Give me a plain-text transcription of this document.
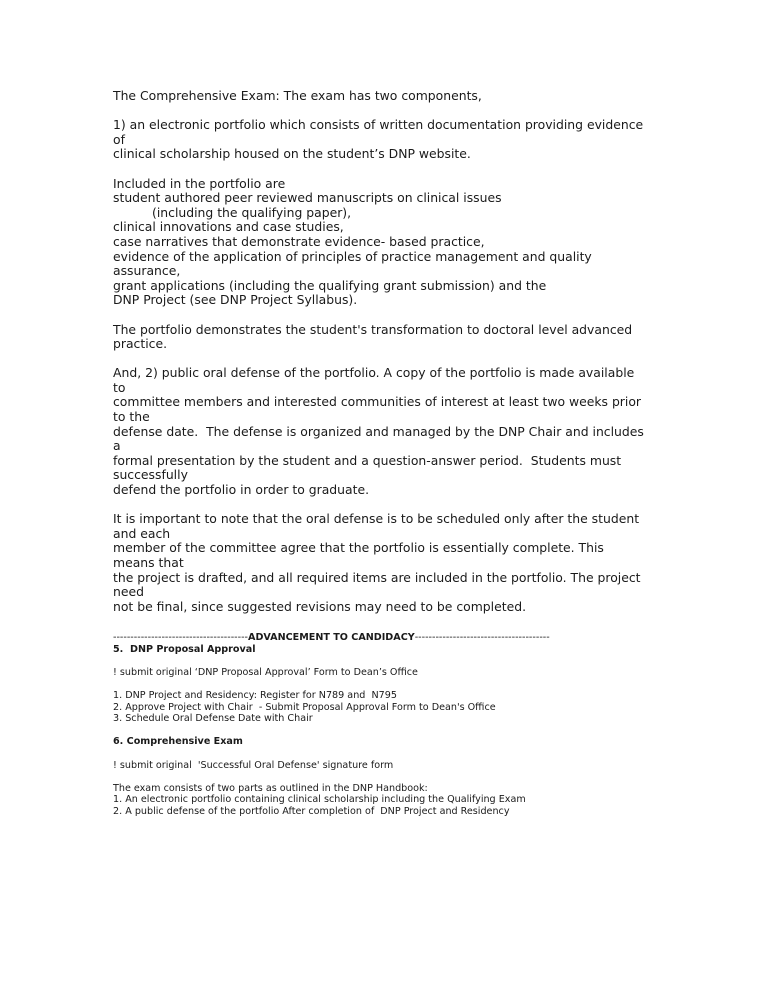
The Comprehensive Exam: The exam has two components,

1) an electronic portfolio which consists of written documentation providing evidence
of
clinical scholarship housed on the student’s DNP website.

Included in the portfolio are
student authored peer reviewed manuscripts on clinical issues
(including the qualifying paper),
clinical innovations and case studies,
case narratives that demonstrate evidence- based practice,
evidence of the application of principles of practice management and quality
assurance,
grant applications (including the qualifying grant submission) and the
DNP Project (see DNP Project Syllabus).

The portfolio demonstrates the student's transformation to doctoral level advanced
practice.

And, 2) public oral defense of the portfolio. A copy of the portfolio is made available
to
committee members and interested communities of interest at least two weeks prior
to the
defense date.  The defense is organized and managed by the DNP Chair and includes
a
formal presentation by the student and a question-answer period.  Students must
successfully
defend the portfolio in order to graduate.

It is important to note that the oral defense is to be scheduled only after the student
and each
member of the committee agree that the portfolio is essentially complete. This
means that
the project is drafted, and all required items are included in the portfolio. The project
need
not be final, since suggested revisions may need to be completed.

---------------------------------------ADVANCEMENT TO CANDIDACY---------------------------------------
5.  DNP Proposal Approval
! submit original ‘DNP Proposal Approval’ Form to Dean’s Office
1. DNP Project and Residency: Register for N789 and  N795
2. Approve Project with Chair  - Submit Proposal Approval Form to Dean's Office
3. Schedule Oral Defense Date with Chair
6. Comprehensive Exam
! submit original  'Successful Oral Defense' signature form
The exam consists of two parts as outlined in the DNP Handbook:
1. An electronic portfolio containing clinical scholarship including the Qualifying Exam
2. A public defense of the portfolio After completion of  DNP Project and Residency
